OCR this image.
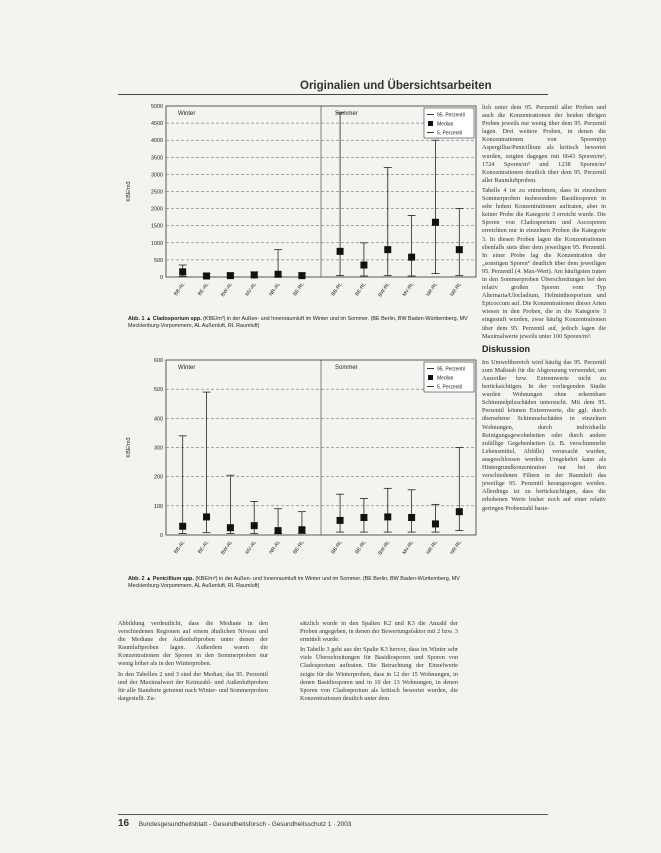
Originalien und Übersichtsarbeiten
0
500
1000
1500
2000
2500
3000
3500
4000
4500
5000
KBE/m3
Winter	Sommer
BB-AL BE-AL BW-AL MV-AL NR-AL BE-RL	BB-RL BE-RL BW-RL MV-RL NR-RL NR-RL
95. Perzentil
Median
5. Perzentil
Abb. 1 ▲ Cladosporium spp. (KBE/m³) in der Außen- und Innenraumluft im Winter und im Sommer. (BE Berlin, BW Baden-Württemberg, MV Mecklenburg-Vorpommern, AL Außenluft, RL Raumluft)
0
100
200
300
400
500
600
KBE/m3
Winter	Sommer
BB-AL BE-AL BW-AL MV-AL NR-AL BE-RL	BB-RL BE-RL BW-RL MV-RL NR-RL NR-RL
95. Perzentil
Median
5. Perzentil
Abb. 2 ▲ Penicillium spp. (KBE/m³) in der Außen- und Innenraumluft im Winter und im Sommer. (BE Berlin, BW Baden-Württemberg, MV Mecklenburg-Vorpommern, AL Außenluft, RL Raumluft)

lich unter dem 95. Perzentil aller Proben und auch die Konzentrationen der beiden übrigen Proben jeweils nur wenig über dem 95. Perzentil lagen. Drei weitere Proben, in denen die Konzentrationen von Sporentyp Aspergillus/Penicillium als kritisch bewertet wurden, zeigten dagegen mit 6643 Sporen/m³, 1724 Sporen/m³ und 1238 Sporen/m³ Konzentrationen deutlich über dem 95. Perzentil aller Raumluftproben.

Tabelle 4 ist zu entnehmen, dass in einzelnen Sommerproben insbesondere Basidiosporen in sehr hohen Konzentrationen auftraten, aber in keiner Probe die Kategorie 3 erreicht wurde. Die Sporen von Cladosporium und Ascosporen erreichten nur in einzelnen Proben die Kategorie 3. In diesen Proben lagen die Konzentrationen ebenfalls stets über dem jeweiligen 95. Perzentil. In einer Probe lag die Konzentration der „sonstigen Sporen“ deutlich über dem jeweiligen 95. Perzentil (4. Max-Wert). Am häufigsten traten in den Sommerproben Überschreitungen bei den relativ großen Sporen vom Typ Alternaria/Ulocladium, Helminthosporium und Epicoccum auf. Die Konzentrationen dieser Arten wiesen in den Proben, die in die Kategorie 3 eingestuft wurden, zwar häufig Konzentrationen über dem 95. Perzentil auf, jedoch lagen die Maximalwerte jeweils unter 100 Sporen/m³.

Diskussion

Im Umweltbereich wird häufig das 95. Perzentil zum Maßstab für die Abgrenzung verwendet, um Ausreißer bzw. Extremwerte nicht zu berücksichtigen. In der vorliegenden Studie wurden Wohnungen ohne erkennbare Schimmelpilzschäden untersucht. Mit dem 95. Perzentil können Extremwerte, die ggf. durch übersehene Schimmelschäden in einzelnen Wohnungen, durch individuelle Reinigungsgewohnheiten oder durch andere zufällige Gegebenheiten (z. B. verschimmelte Lebensmittel, Abfälle) verursacht wurden, ausgeschlossen werden. Umgekehrt kann als Hintergrundkonzentration nur bei den verschiedenen Filtern in der Raumluft das jeweilige 95. Perzentil herangezogen werden. Allerdings ist zu berücksichtigen, dass die erhobenen Werte bisher noch auf einer relativ geringen Probenzahl basie-

Abbildung verdeutlicht, dass die Mediane in den verschiedenen Regionen auf einem ähnlichen Niveau und die Mediane der Außenluftproben unter denen der Raumluftproben lagen. Außerdem waren die Konzentrationen der Sporen in den Sommerproben nur wenig höher als in den Winterproben.

In den Tabellen 2 und 3 sind der Median, das 95. Perzentil und der Maximalwert der Keimzahl- und Außenluftproben für alle Standorte getrennt nach Winter- und Sommerproben dargestellt. Zu-

sätzlich wurde in den Spalten K2 und K3 die Anzahl der Proben angegeben, in denen der Bewertungsfaktor mit 2 bzw. 3 ermittelt wurde.

In Tabelle 3 geht aus der Spalte K3 hervor, dass im Winter sehr viele Überschreitungen für Basidiosporen und Sporen von Cladosporium auftraten. Die Betrachtung der Einzelwerte zeigte für die Winterproben, dass in 12 der 15 Wohnungen, in denen Basidiosporen und in 10 der 13 Wohnungen, in denen Sporen von Cladosporium als kritisch bewertet wurden, die Konzentrationen deutlich unter dem

16 Bundesgesundheitsblatt - Gesundheitsforsch - Gesundheitsschutz 1 · 2003
